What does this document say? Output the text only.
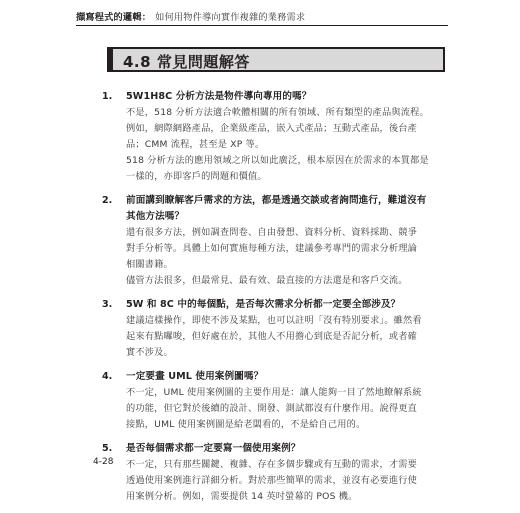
擷寫程式的邏輯： 如何用物件導向實作複雜的業務需求
4.8 常見問題解答
1. 5W1H8C 分析方法是物件導向專用的嗎？
不是，518 分析方法適合軟體相關的所有領域、所有類型的產品與流程。
例如，網際網路產品，企業級產品，嵌入式產品；互動式產品，後台產
品；CMM 流程，甚至是 XP 等。
518 分析方法的應用領域之所以如此廣泛，根本原因在於需求的本質都是
一樣的，亦即客戶的問題和價值。
2. 前面講到瞭解客戶需求的方法，都是透過交談或者詢問進行，難道沒有
其他方法嗎？
還有很多方法，例如調查問卷、自由發想、資料分析、資料採勘、競爭
對手分析等。具體上如何實施每種方法，建議參考專門的需求分析理論
相關書籍。
儘管方法很多，但最常見、最有效、最直接的方法還是和客戶交流。
3. 5W 和 8C 中的每個點，是否每次需求分析都一定要全部涉及？
建議這樣操作，即使不涉及某點，也可以註明「沒有特別要求」。雖然看
起來有點囉唆，但好處在於，其他人不用擔心到底是否記分析，或者確
實不涉及。
4. 一定要畫 UML 使用案例圖嗎？
不一定，UML 使用案例圖的主要作用是：讓人能夠一目了然地瞭解系統
的功能，但它對於後續的設計、開發、測試都沒有什麼作用。說得更直
接點，UML 使用案例圖是給老闆看的，不是給自己用的。
5. 是否每個需求都一定要寫一個使用案例？
不一定，只有那些關鍵、複雜、存在多個步驟或有互動的需求，才需要
透過使用案例進行詳細分析。對於那些簡單的需求，並沒有必要進行使
用案例分析。例如，需要提供 14 英吋螢幕的 POS 機。
4-28
